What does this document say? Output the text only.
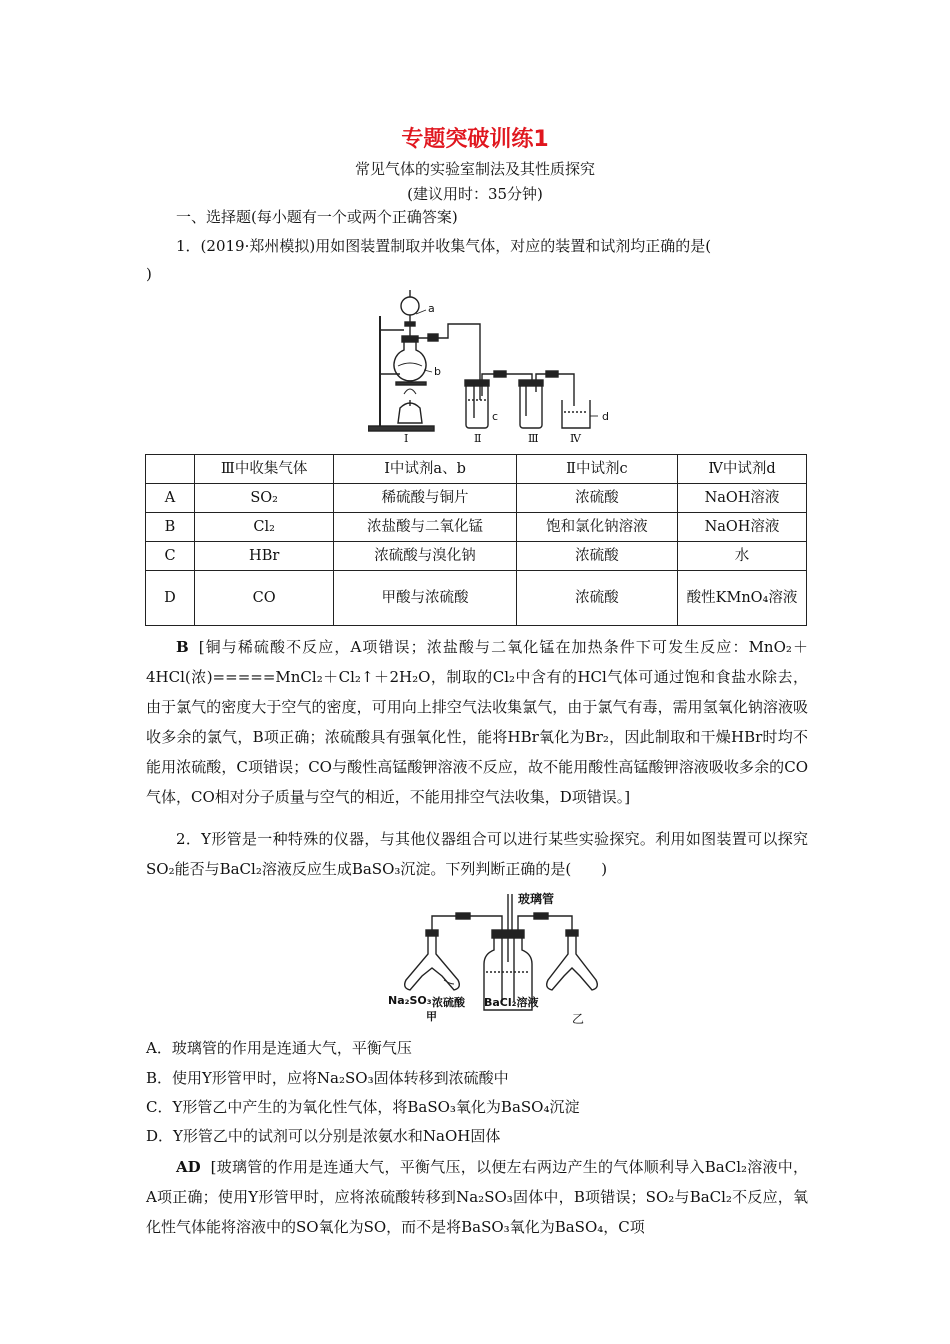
专题突破训练1
常见气体的实验室制法及其性质探究
(建议用时：35分钟)
一、选择题(每小题有一个或两个正确答案)
1．(2019·郑州模拟)用如图装置制取并收集气体，对应的装置和试剂均正确的是(
)
a
b
c	d
Ⅰ	Ⅱ	Ⅲ	Ⅳ
	Ⅲ中收集气体	Ⅰ中试剂a、b	Ⅱ中试剂c	Ⅳ中试剂d
A	SO₂	稀硫酸与铜片	浓硫酸	NaOH溶液
B	Cl₂	浓盐酸与二氧化锰	饱和氯化钠溶液	NaOH溶液
C	HBr	浓硫酸与溴化钠	浓硫酸	水
D	CO	甲酸与浓硫酸	浓硫酸	酸性KMnO₄溶液
B [铜与稀硫酸不反应，A项错误；浓盐酸与二氧化锰在加热条件下可发生反应：MnO₂＋4HCl(浓)=====MnCl₂＋Cl₂↑＋2H₂O，制取的Cl₂中含有的HCl气体可通过饱和食盐水除去，由于氯气的密度大于空气的密度，可用向上排空气法收集氯气，由于氯气有毒，需用氢氧化钠溶液吸收多余的氯气，B项正确；浓硫酸具有强氧化性，能将HBr氧化为Br₂，因此制取和干燥HBr时均不能用浓硫酸，C项错误；CO与酸性高锰酸钾溶液不反应，故不能用酸性高锰酸钾溶液吸收多余的CO气体，CO相对分子质量与空气的相近，不能用排空气法收集，D项错误。]
2．Y形管是一种特殊的仪器，与其他仪器组合可以进行某些实验探究。利用如图装置可以探究SO₂能否与BaCl₂溶液反应生成BaSO₃沉淀。下列判断正确的是(　　)
玻璃管
Na₂SO₃ 浓硫酸
甲
BaCl₂溶液
乙
A．玻璃管的作用是连通大气，平衡气压
B．使用Y形管甲时，应将Na₂SO₃固体转移到浓硫酸中
C．Y形管乙中产生的为氧化性气体，将BaSO₃氧化为BaSO₄沉淀
D．Y形管乙中的试剂可以分别是浓氨水和NaOH固体
AD [玻璃管的作用是连通大气，平衡气压，以便左右两边产生的气体顺利导入BaCl₂溶液中，A项正确；使用Y形管甲时，应将浓硫酸转移到Na₂SO₃固体中，B项错误；SO₂与BaCl₂不反应，氧化性气体能将溶液中的SO氧化为SO，而不是将BaSO₃氧化为BaSO₄，C项
